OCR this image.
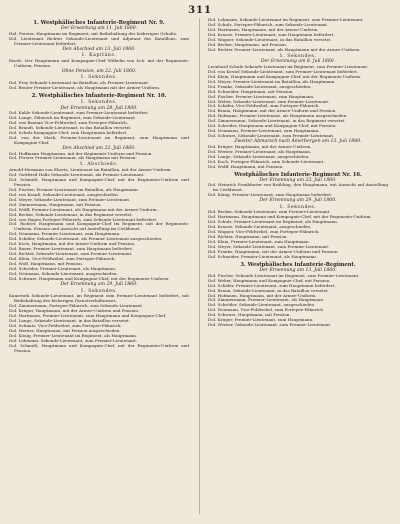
311

1. Westphälisches Infanterie-Regiment Nr. 9.

Der Erwartung am 11. Juli 1860.

Hol. Forster, Hauptmann im Regiment, mit Beibehaltung des bisherigen Gehalts.

Dol. Lieutenant Richter Sekonde-Lieutenant und Adjutant des Bataillons, zum Premier-Lieutenant befördert.

Den Abschied am 13. Juli 1860.

1. Kapitäns.

Eisele. Der Hauptmann und Kompagnie-Chef Wilhelm von Sch. mit der Regiments-Uniform, Pension.

Ohne Pension, am 22. Juli 1860.

1. Sekondes.

Dol. Frey Sekonde-Lieutenant im Bataillon, als Premier-Lieutenant.

Dol. Beuter Premier-Lieutenant, als Hauptmann mit der Armee-Uniform.

2. Westphälisches Infanterie-Regiment Nr. 10.

1. Sekondes.

Der Ernennung am 28. Juli 1860.

Dol. Kahle Sekonde-Lieutenant, zum Premier-Lieutenant befördert.

Dol. Lange, Fähnrich im Regiment, zum Sekonde-Lieutenant.

Dol. von Bastian Vice-Feldwebel, zum Portepee-Fähnrich.

Dol. Brandt, Sekonde-Lieutenant, in das Bataillon versetzt.

Dol. Schulz Kompagnie-Chef, zum Hauptmann befördert.

Dol. von der Mark, Premier-Lieutenant im Regiment, zum Hauptmann und Kompagnie-Chef.

Den Abschied am 22. Juli 1860.

Dol. Hoffmann Hauptmann, mit der Regiments-Uniform und Pension.

Dol. Förster Premier-Lieutenant, als Hauptmann mit Pension.

1. Abschieds.

Arnold-Hermann von Ebertz, Lieutenant im Bataillon, mit der Armee-Uniform.

Dol. Gottfried Halle Sekonde-Lieutenant, als Premier-Lieutenant.

Dol. Schmidt, Hauptmann und Kompagnie-Chef, mit der Regiments-Uniform und Pension.

Dol. Fischer, Premier-Lieutenant im Bataillon, als Hauptmann.

Dol. von Krauß, Sekonde-Lieutenant, ausgeschieden.

Dol. Meyer, Sekonde-Lieutenant, zum Premier-Lieutenant.

Dol. Zimmermann, Hauptmann, mit Pension.

Dol. Wolff, Premier-Lieutenant, als Hauptmann mit der Armee-Uniform.

Dol. Becker, Sekonde-Lieutenant, in das Regiment versetzt.

Dol. von Hagen Portepee-Fähnrich, zum Sekonde-Lieutenant befördert.

Dol. Richter, Hauptmann und Kompagnie-Chef im Regiment, mit der Regiments-Uniform, Pension und Aussicht auf Anstellung im Civildienst.

Dol. Neumann, Premier-Lieutenant, zum Hauptmann.

Dol. Schäfer, Sekonde-Lieutenant, als Premier-Lieutenant ausgeschieden.

Dol. Koch, Hauptmann, mit der Armee-Uniform und Pension.

Dol. Bauer, Premier-Lieutenant, zum Hauptmann befördert.

Dol. Richter, Sekonde-Lieutenant, zum Premier-Lieutenant.

Dol. Klein, Vice-Feldwebel, zum Portepee-Fähnrich.

Dol. Wolf, Hauptmann, mit Pension.

Dol. Schröder, Premier-Lieutenant, als Hauptmann.

Dol. Neumann, Sekonde-Lieutenant, ausgeschieden.

Dol. Schwarz, Hauptmann und Kompagnie-Chef, mit der Regiments-Uniform.

Der Ernennung am 29. Juli 1860.

1. Sekondes.

Kamerath Sekonde-Lieutenant, im Regiment zum Premier-Lieutenant befördert, mit Beibehaltung des bisherigen Dienstverhältnisses.

Dol. Zimmermann, Portepee-Fähnrich, zum Sekonde-Lieutenant.

Dol. Krüger, Hauptmann, mit der Armee-Uniform und Pension.

Dol. Hartmann, Premier-Lieutenant, zum Hauptmann und Kompagnie-Chef.

Dol. Lange, Sekonde-Lieutenant, in das Bataillon versetzt.

Dol. Schmitz, Vice-Feldwebel, zum Portepee-Fähnrich.

Dol. Werner, Hauptmann, mit Pension ausgeschieden.

Dol. König, Premier-Lieutenant im Regiment, als Hauptmann.

Dol. Lehmann, Sekonde-Lieutenant, zum Premier-Lieutenant.

Dol. Schmidt, Hauptmann und Kompagnie-Chef, mit der Regiments-Uniform und Pension.

Dol. Lehmann, Sekonde-Lieutenant im Regiment, zum Premier-Lieutenant.

Dol. Schulz, Portepee-Fähnrich, zum Sekonde-Lieutenant.

Dol. Hartmann, Hauptmann, mit der Armee-Uniform.

Dol. Krause, Premier-Lieutenant, zum Hauptmann befördert.

Dol. Wagner, Sekonde-Lieutenant, in das Bataillon versetzt.

Dol. Becker, Hauptmann, mit Pension.

Dol. Richter Premier-Lieutenant, als Hauptmann mit der Armee-Uniform.

1. Sekondes.

Der Ernennung am 8. Juli 1860.

Leonhard Schulz Sekonde-Lieutenant im Regiment, zum Premier-Lieutenant.

Dol. von Kessel Sekonde-Lieutenant, zum Premier-Lieutenant befördert.

Dol. Klein, Hauptmann und Kompagnie-Chef, mit der Regiments-Uniform.

Dol. Meyer, Premier-Lieutenant im Bataillon, als Hauptmann.

Dol. Franke, Sekonde-Lieutenant, ausgeschieden.

Dol. Schneider, Hauptmann, mit Pension.

Dol. Fischer, Premier-Lieutenant, zum Hauptmann.

Dol. Weber, Sekonde-Lieutenant, zum Premier-Lieutenant.

Dol. Schäfer, Vice-Feldwebel, zum Portepee-Fähnrich.

Dol. Braun, Hauptmann, mit der Armee-Uniform und Pension.

Dol. Hofmann, Premier-Lieutenant, als Hauptmann ausgeschieden.

Dol. Zimmermann, Sekonde-Lieutenant, in das Regiment versetzt.

Dol. Schröder, Hauptmann und Kompagnie-Chef, mit Pension.

Dol. Neumann, Premier-Lieutenant, zum Hauptmann.

Dol. Schwarz, Sekonde-Lieutenant, zum Premier-Lieutenant.

Zweiter Abmarsch nach Amerbergen am 13. Juli 1860.

Dol. Krüger, Hauptmann, mit der Armee-Uniform.

Dol. Werner, Premier-Lieutenant, als Hauptmann.

Dol. Lange, Sekonde-Lieutenant, ausgeschieden.

Dol. Koch, Portepee-Fähnrich, zum Sekonde-Lieutenant.

Dol. Wolff, Hauptmann, mit Pension.

Westphälisches Infanterie-Regiment Nr. 16.

Der Ernennung am 23. Juli 1860.

Dol. Heinrich Frankfurter von Brühling, den Hauptmann, mit Aussicht auf Anstellung im Civildienst.

Dol. König, Premier-Lieutenant, zum Hauptmann befördert.

Der Ernennung am 29. Juli 1860.

1. Sekondes.

Dol. Becker, Sekonde-Lieutenant, zum Premier-Lieutenant.

Dol. Hartmann, Hauptmann und Kompagnie-Chef, mit der Regiments-Uniform.

Dol. Schulz, Premier-Lieutenant im Regiment, als Hauptmann.

Dol. Krause, Sekonde-Lieutenant, ausgeschieden.

Dol. Wagner, Vice-Feldwebel, zum Portepee-Fähnrich.

Dol. Richter, Hauptmann, mit Pension.

Dol. Klein, Premier-Lieutenant, zum Hauptmann.

Dol. Meyer, Sekonde-Lieutenant, zum Premier-Lieutenant.

Dol. Franke, Hauptmann, mit der Armee-Uniform und Pension.

Dol. Schneider, Premier-Lieutenant, als Hauptmann.

3. Westphälisches Infanterie-Regiment.

Der Ernennung am 13. Juli 1860.

Dol. Fischer, Sekonde-Lieutenant im Regiment, zum Premier-Lieutenant.

Dol. Weber, Hauptmann und Kompagnie-Chef, mit Pension.

Dol. Schäfer, Premier-Lieutenant, zum Hauptmann befördert.

Dol. Braun, Sekonde-Lieutenant, in das Bataillon versetzt.

Dol. Hofmann, Hauptmann, mit der Armee-Uniform.

Dol. Zimmermann, Premier-Lieutenant, als Hauptmann.

Dol. Schröder, Sekonde-Lieutenant, ausgeschieden.

Dol. Neumann, Vice-Feldwebel, zum Portepee-Fähnrich.

Dol. Schwarz, Hauptmann, mit Pension.

Dol. Krüger, Premier-Lieutenant, zum Hauptmann.

Dol. Werner, Sekonde-Lieutenant, zum Premier-Lieutenant.
